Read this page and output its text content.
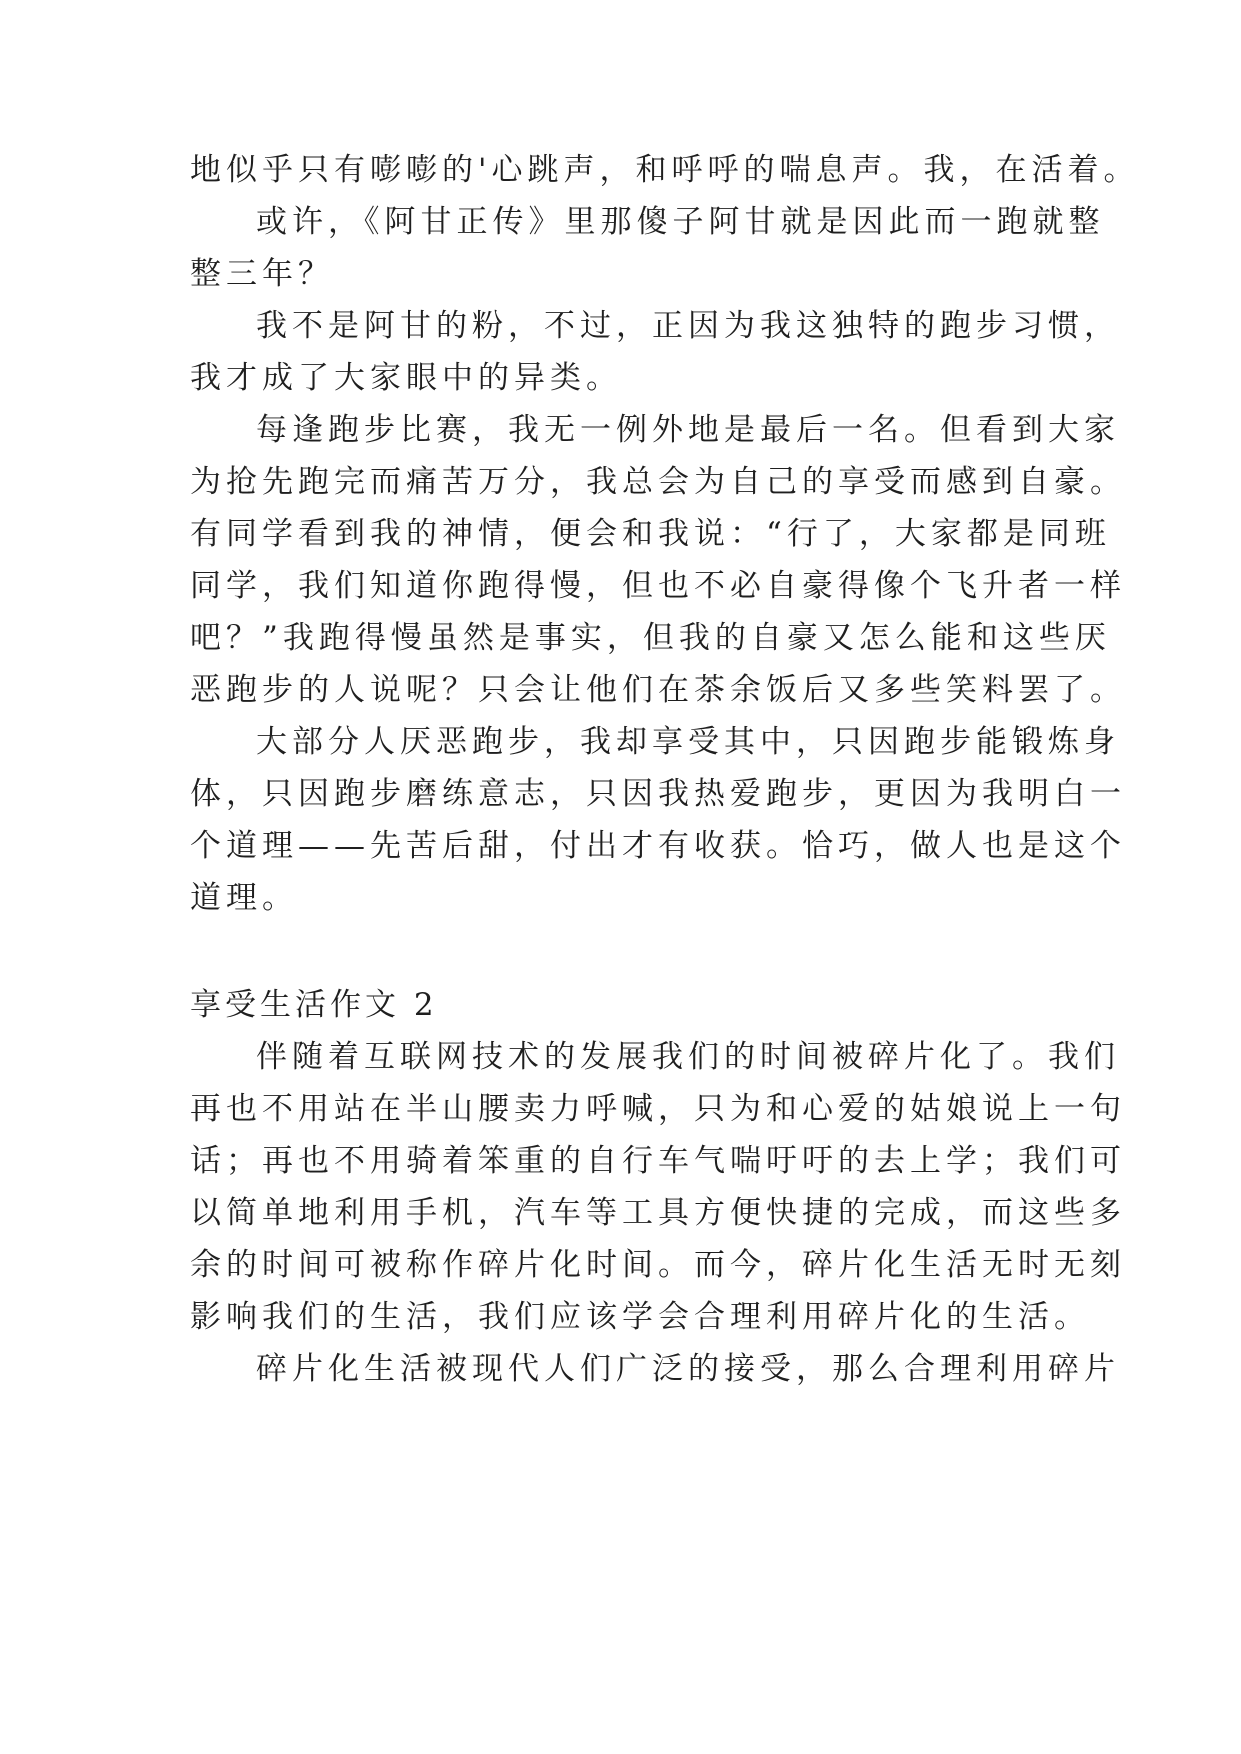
地似乎只有嘭嘭的'心跳声，和呼呼的喘息声。我，在活着。
或许，《阿甘正传》里那傻子阿甘就是因此而一跑就整
整三年？
我不是阿甘的粉，不过，正因为我这独特的跑步习惯，
我才成了大家眼中的异类。
每逢跑步比赛，我无一例外地是最后一名。但看到大家
为抢先跑完而痛苦万分，我总会为自己的享受而感到自豪。
有同学看到我的神情，便会和我说：“行了，大家都是同班
同学，我们知道你跑得慢，但也不必自豪得像个飞升者一样
吧？”我跑得慢虽然是事实，但我的自豪又怎么能和这些厌
恶跑步的人说呢？只会让他们在茶余饭后又多些笑料罢了。
大部分人厌恶跑步，我却享受其中，只因跑步能锻炼身
体，只因跑步磨练意志，只因我热爱跑步，更因为我明白一
个道理——先苦后甜，付出才有收获。恰巧，做人也是这个
道理。
享受生活作文 2
伴随着互联网技术的发展我们的时间被碎片化了。我们
再也不用站在半山腰卖力呼喊，只为和心爱的姑娘说上一句
话；再也不用骑着笨重的自行车气喘吁吁的去上学；我们可
以简单地利用手机，汽车等工具方便快捷的完成，而这些多
余的时间可被称作碎片化时间。而今，碎片化生活无时无刻
影响我们的生活，我们应该学会合理利用碎片化的生活。
碎片化生活被现代人们广泛的接受，那么合理利用碎片
